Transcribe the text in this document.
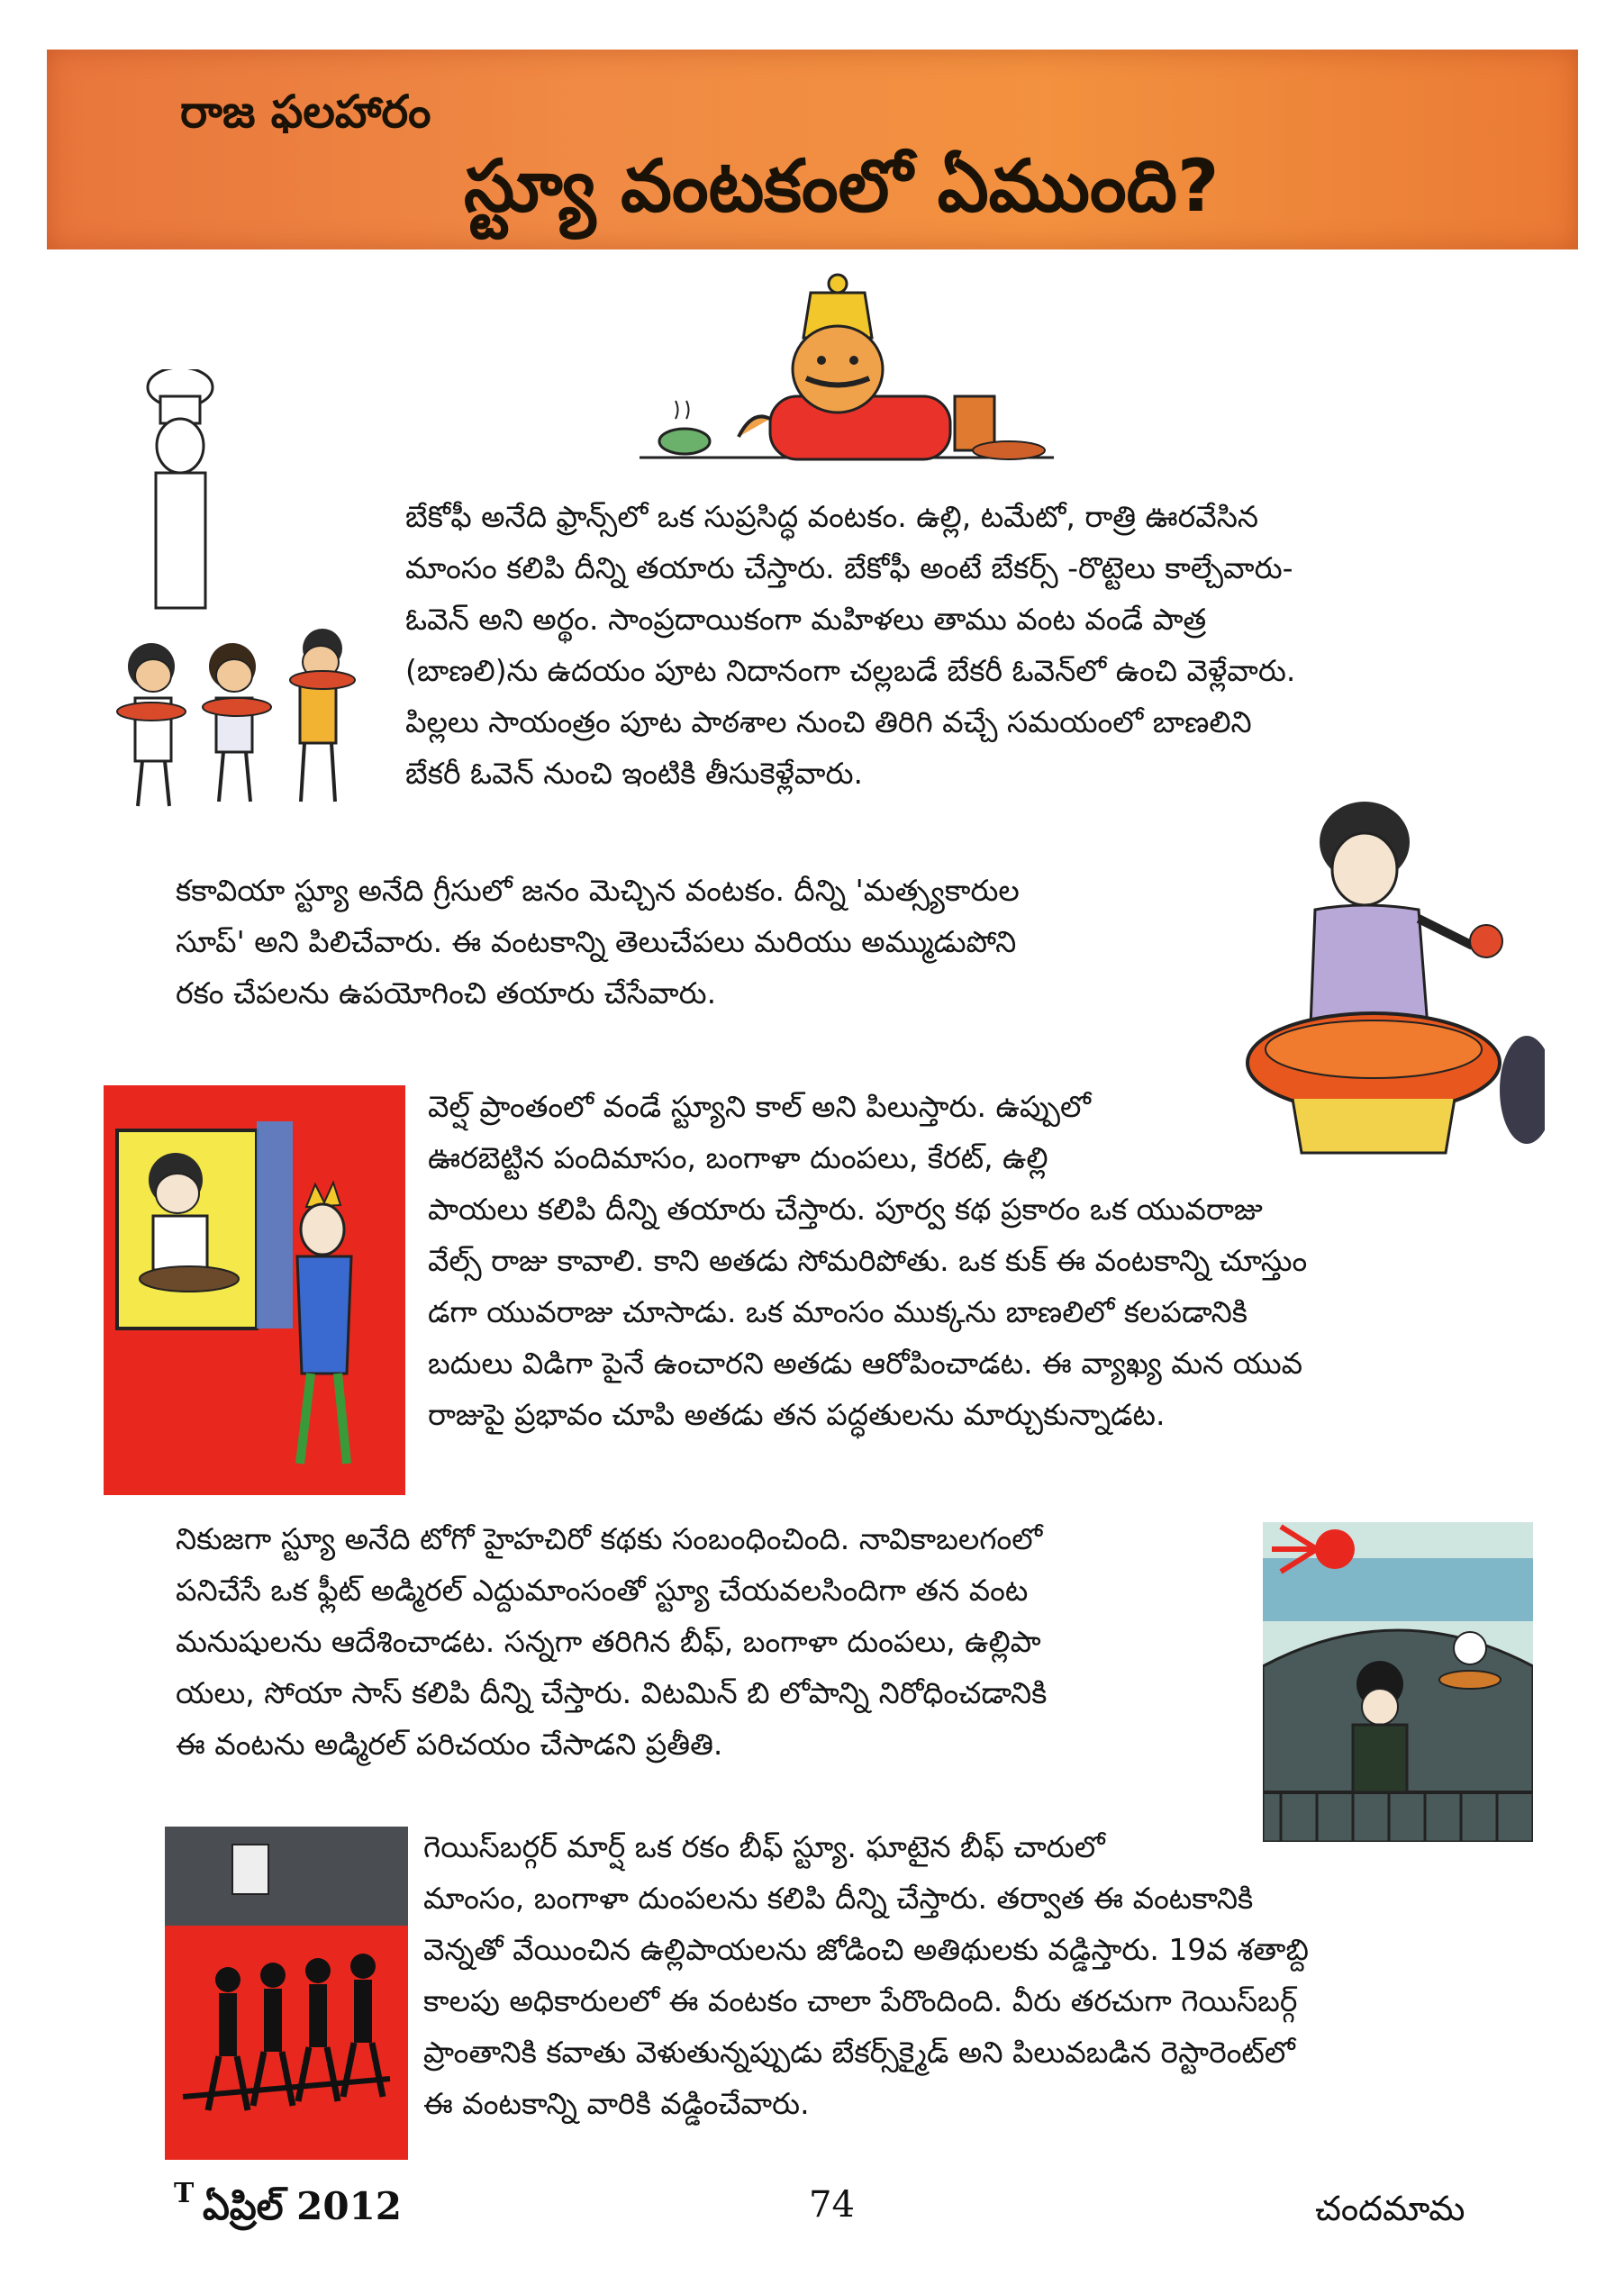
రాజ ఫలహారం
స్ట్యూ వంటకంలో ఏముంది?
బేకోఫీ అనేది ఫ్రాన్స్‌లో ఒక సుప్రసిద్ధ వంటకం. ఉల్లి, టమేటో, రాత్రి ఊరవేసిన
మాంసం కలిపి దీన్ని తయారు చేస్తారు. బేకోఫీ అంటే బేకర్స్ -రొట్టెలు కాల్చేవారు-
ఓవెన్ అని అర్థం. సాంప్రదాయికంగా మహిళలు తాము వంట వండే పాత్ర
(బాణలి)ను ఉదయం పూట నిదానంగా చల్లబడే బేకరీ ఓవెన్‌లో ఉంచి వెళ్లేవారు.
పిల్లలు సాయంత్రం పూట పాఠశాల నుంచి తిరిగి వచ్చే సమయంలో బాణలిని
బేకరీ ఓవెన్ నుంచి ఇంటికి తీసుకెళ్లేవారు.
కకావియా స్ట్యూ అనేది గ్రీసులో జనం మెచ్చిన వంటకం. దీన్ని 'మత్స్యకారుల
సూప్' అని పిలిచేవారు. ఈ వంటకాన్ని తెలుచేపలు మరియు అమ్ముడుపోని
రకం చేపలను ఉపయోగించి తయారు చేసేవారు.
వెల్ష్ ప్రాంతంలో వండే స్ట్యూని కాల్ అని పిలుస్తారు. ఉప్పులో
ఊరబెట్టిన పందిమాసం, బంగాళా దుంపలు, కేరట్, ఉల్లి
పాయలు కలిపి దీన్ని తయారు చేస్తారు. పూర్వ కథ ప్రకారం ఒక యువరాజు
వేల్స్ రాజు కావాలి. కాని అతడు సోమరిపోతు. ఒక కుక్ ఈ వంటకాన్ని చూస్తుం
డగా యువరాజు చూసాడు. ఒక మాంసం ముక్కను బాణలిలో కలపడానికి
బదులు విడిగా పైనే ఉంచారని అతడు ఆరోపించాడట. ఈ వ్యాఖ్య మన యువ
రాజుపై ప్రభావం చూపి అతడు తన పద్ధతులను మార్చుకున్నాడట.
నికుజగా స్ట్యూ అనేది టోగో హైహచిరో కథకు సంబంధించింది. నావికాబలగంలో
పనిచేసే ఒక ఫ్లీట్ అడ్మిరల్ ఎద్దుమాంసంతో స్ట్యూ చేయవలసిందిగా తన వంట
మనుషులను ఆదేశించాడట. సన్నగా తరిగిన బీఫ్, బంగాళా దుంపలు, ఉల్లిపా
యలు, సోయా సాస్ కలిపి దీన్ని చేస్తారు. విటమిన్ బి లోపాన్ని నిరోధించడానికి
ఈ వంటను అడ్మిరల్ పరిచయం చేసాడని ప్రతీతి.
గెయిస్‌బర్గర్ మార్ష్ ఒక రకం బీఫ్ స్ట్యూ. ఘాటైన బీఫ్ చారులో
మాంసం, బంగాళా దుంపలను కలిపి దీన్ని చేస్తారు. తర్వాత ఈ వంటకానికి
వెన్నతో వేయించిన ఉల్లిపాయలను జోడించి అతిథులకు వడ్డిస్తారు. 19వ శతాబ్ది
కాలపు అధికారులలో ఈ వంటకం చాలా పేరొందింది. వీరు తరచుగా గెయిస్‌బర్గ్
ప్రాంతానికి కవాతు వెళుతున్నప్పుడు బేకర్స్‌క్మైడ్ అని పిలువబడిన రెస్టారెంట్‌లో
ఈ వంటకాన్ని వారికి వడ్డించేవారు.
T ఏప్రిల్ 2012	74	చందమామ
